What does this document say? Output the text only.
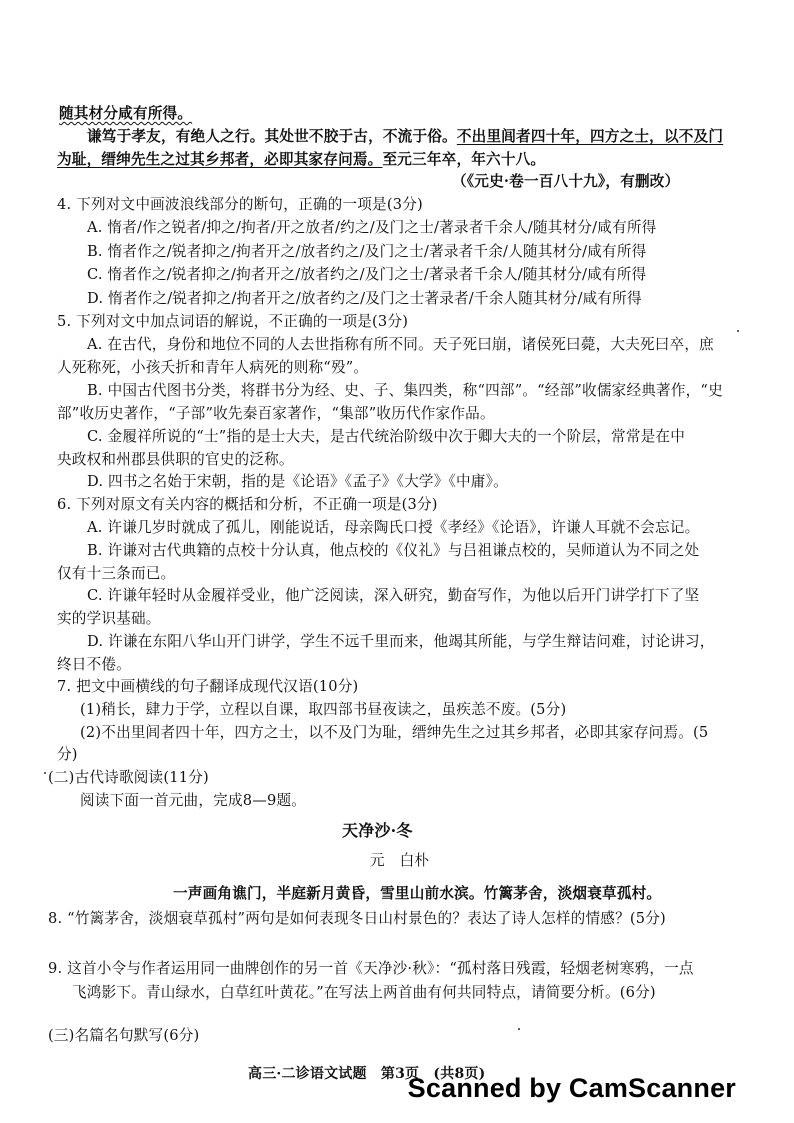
随其材分咸有所得。
谦笃于孝友，有绝人之行。其处世不胶于古，不流于俗。不出里闾者四十年，四方之士，以不及门
为耻，缙绅先生之过其乡邦者，必即其家存问焉。至元三年卒，年六十八。
（《元史·卷一百八十九》，有删改）
4. 下列对文中画波浪线部分的断句，正确的一项是(3分)
A. 惰者/作之锐者/抑之/拘者/开之放者/约之/及门之士/著录者千余人/随其材分/咸有所得
B. 惰者作之/锐者抑之/拘者开之/放者约之/及门之士/著录者千余/人随其材分/咸有所得
C. 惰者作之/锐者抑之/拘者开之/放者约之/及门之士/著录者千余人/随其材分/咸有所得
D. 惰者作之/锐者抑之/拘者开之/放者约之/及门之士著录者/千余人随其材分/咸有所得
5. 下列对文中加点词语的解说，不正确的一项是(3分)
A. 在古代，身份和地位不同的人去世指称有所不同。天子死曰崩，诸侯死曰薨，大夫死曰卒，庶
人死称死，小孩夭折和青年人病死的则称“殁”。
B. 中国古代图书分类，将群书分为经、史、子、集四类，称“四部”。“经部”收儒家经典著作，“史
部”收历史著作，“子部”收先秦百家著作，“集部”收历代作家作品。
C. 金履祥所说的“士”指的是士大夫，是古代统治阶级中次于卿大夫的一个阶层，常常是在中
央政权和州郡县供职的官史的泛称。
D. 四书之名始于宋朝，指的是《论语》《孟子》《大学》《中庸》。
6. 下列对原文有关内容的概括和分析，不正确一项是(3分)
A. 许谦几岁时就成了孤儿，刚能说话，母亲陶氏口授《孝经》《论语》，许谦人耳就不会忘记。
B. 许谦对古代典籍的点校十分认真，他点校的《仪礼》与吕祖谦点校的，吴师道认为不同之处
仅有十三条而已。
C. 许谦年轻时从金履祥受业，他广泛阅读，深入研究，勤奋写作，为他以后开门讲学打下了坚
实的学识基础。
D. 许谦在东阳八华山开门讲学，学生不远千里而来，他竭其所能，与学生辩诘问难，讨论讲习，
终日不倦。
7. 把文中画横线的句子翻译成现代汉语(10分)
(1)稍长，肆力于学，立程以自课，取四部书昼夜读之，虽疾恙不废。(5分)
(2)不出里闾者四十年，四方之士，以不及门为耻，缙绅先生之过其乡邦者，必即其家存问焉。(5
分)
(二)古代诗歌阅读(11分)
阅读下面一首元曲，完成8—9题。
天净沙·冬
元　白朴
一声画角谯门，半庭新月黄昏，雪里山前水滨。竹篱茅舍，淡烟衰草孤村。
8. “竹篱茅舍，淡烟衰草孤村”两句是如何表现冬日山村景色的？表达了诗人怎样的情感？(5分)
9. 这首小令与作者运用同一曲牌创作的另一首《天净沙·秋》：“孤村落日残霞，轻烟老树寒鸦，一点
飞鸿影下。青山绿水，白草红叶黄花。”在写法上两首曲有何共同特点，请简要分析。(6分)
(三)名篇名句默写(6分)
高三·二诊语文试题　第3页　(共8页)
Scanned by CamScanner
